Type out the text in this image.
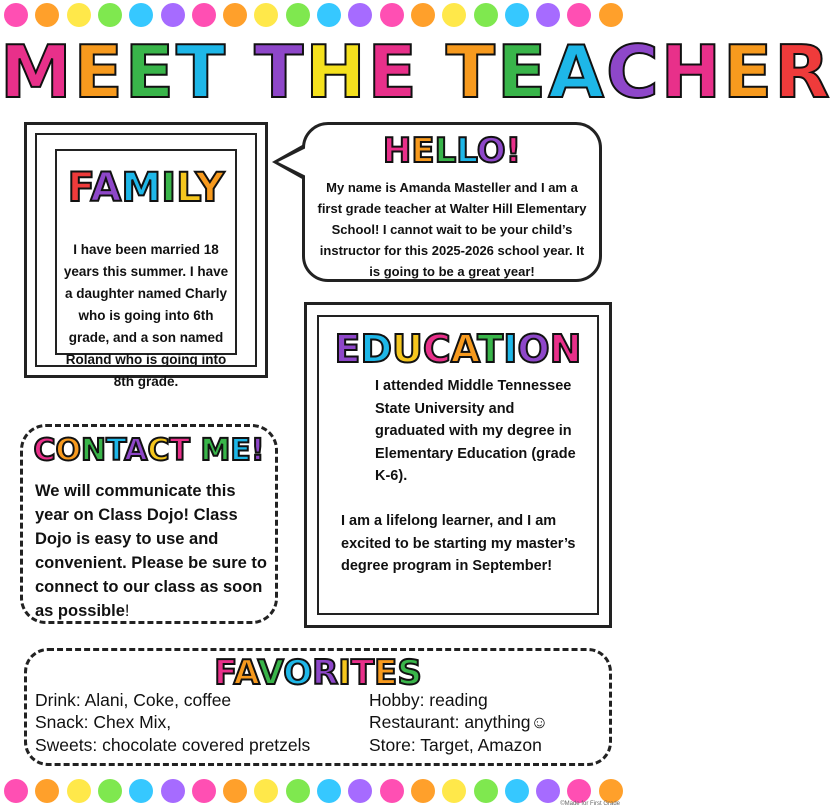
MEET THE TEACHER
FAMILY
I have been married 18 years this summer. I have a daughter named Charly who is going into 6th grade, and a son named Roland who is going into 8th grade.
HELLO!
My name is Amanda Masteller and I am a first grade teacher at Walter Hill Elementary School! I cannot wait to be your child’s instructor for this 2025-2026 school year. It is going to be a great year!
CONTACT ME!
We will communicate this year on Class Dojo! Class Dojo is easy to use and convenient. Please be sure to connect to our class as soon as possible!
EDUCATION

I attended Middle Tennessee State University and graduated with my degree in Elementary Education (grade K-6).

I am a lifelong learner, and I am excited to be starting my master’s degree program in September!

FAVORITES
Drink: Alani, Coke, coffee
Snack: Chex Mix,
Sweets: chocolate covered pretzels
Hobby: reading
Restaurant: anything☺
Store: Target, Amazon
©Made for First Grade
